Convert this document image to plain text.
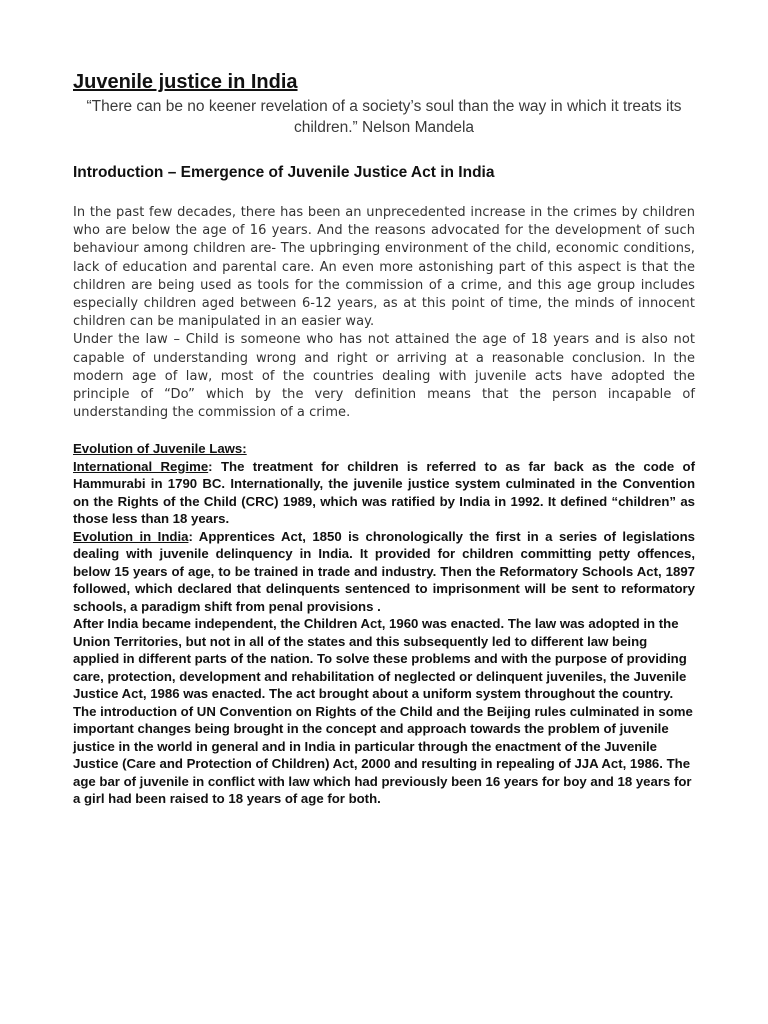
Juvenile justice in India

“There can be no keener revelation of a society’s soul than the way in which it treats its children.” Nelson Mandela

Introduction – Emergence of Juvenile Justice Act in India

In the past few decades, there has been an unprecedented increase in the crimes by children who are below the age of 16 years. And the reasons advocated for the development of such behaviour among children are- The upbringing environment of the child, economic conditions, lack of education and parental care. An even more astonishing part of this aspect is that the children are being used as tools for the commission of a crime, and this age group includes especially children aged between 6-12 years, as at this point of time, the minds of innocent children can be manipulated in an easier way.

Under the law – Child is someone who has not attained the age of 18 years and is also not capable of understanding wrong and right or arriving at a reasonable conclusion. In the modern age of law, most of the countries dealing with juvenile acts have adopted the principle of “Do” which by the very definition means that the person incapable of understanding the commission of a crime.

Evolution of Juvenile Laws:

International Regime: The treatment for children is referred to as far back as the code of Hammurabi in 1790 BC. Internationally, the juvenile justice system culminated in the Convention on the Rights of the Child (CRC) 1989, which was ratified by India in 1992. It defined “children” as those less than 18 years.

Evolution in India: Apprentices Act, 1850 is chronologically the first in a series of legislations dealing with juvenile delinquency in India. It provided for children committing petty offences, below 15 years of age, to be trained in trade and industry. Then the Reformatory Schools Act, 1897 followed, which declared that delinquents sentenced to imprisonment will be sent to reformatory schools, a paradigm shift from penal provisions .

After India became independent, the Children Act, 1960 was enacted. The law was adopted in the Union Territories, but not in all of the states and this subsequently led to different law being applied in different parts of the nation. To solve these problems and with the purpose of providing care, protection, development and rehabilitation of neglected or delinquent juveniles, the Juvenile Justice Act, 1986 was enacted. The act brought about a uniform system throughout the country. The introduction of UN Convention on Rights of the Child and the Beijing rules culminated in some important changes being brought in the concept and approach towards the problem of juvenile justice in the world in general and in India in particular through the enactment of the Juvenile Justice (Care and Protection of Children) Act, 2000 and resulting in repealing of JJA Act, 1986. The age bar of juvenile in conflict with law which had previously been 16 years for boy and 18 years for a girl had been raised to 18 years of age for both.
